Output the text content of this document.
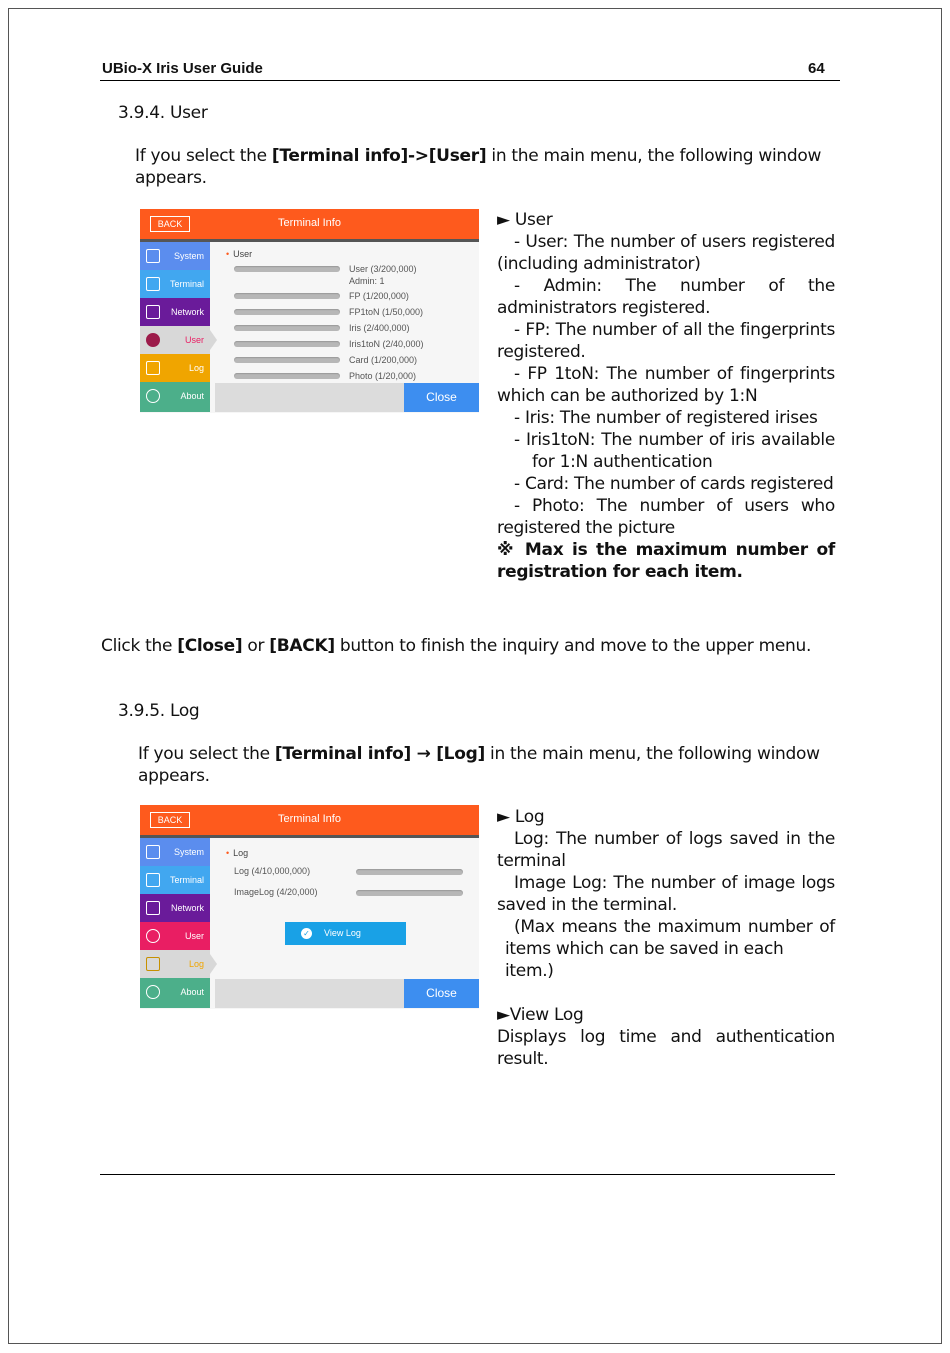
UBio-X Iris User Guide	64
3.9.4. User
If you select the [Terminal info]->[User] in the main menu, the following window
appears.
BACK	Terminal Info
System
Terminal
Network
User
Log
About
• User
User (3/200,000)
Admin: 1
FP (1/200,000)
FP1toN (1/50,000)
Iris (2/400,000)
Iris1toN (2/40,000)
Card (1/200,000)
Photo (1/20,000)
Close
► User
- User: The number of users registered
(including administrator)
- Admin: The number of the
administrators registered.
- FP: The number of all the fingerprints
registered.
- FP 1toN: The number of fingerprints
which can be authorized by 1:N
- Iris: The number of registered irises
- Iris1toN: The number of iris available
for 1:N authentication
- Card: The number of cards registered
- Photo: The number of users who
registered the picture
※ Max is the maximum number of
registration for each item.
Click the [Close] or [BACK] button to finish the inquiry and move to the upper menu.
3.9.5. Log
If you select the [Terminal info] → [Log] in the main menu, the following window
appears.
BACK	Terminal Info
System
Terminal
Network
User
Log
About
• Log
Log (4/10,000,000)
ImageLog (4/20,000)
✓ View Log
Close
► Log
Log: The number of logs saved in the
terminal
Image Log: The number of image logs
saved in the terminal.
(Max means the maximum number of
items which can be saved in each item.)
►View Log
Displays log time and authentication
result.
